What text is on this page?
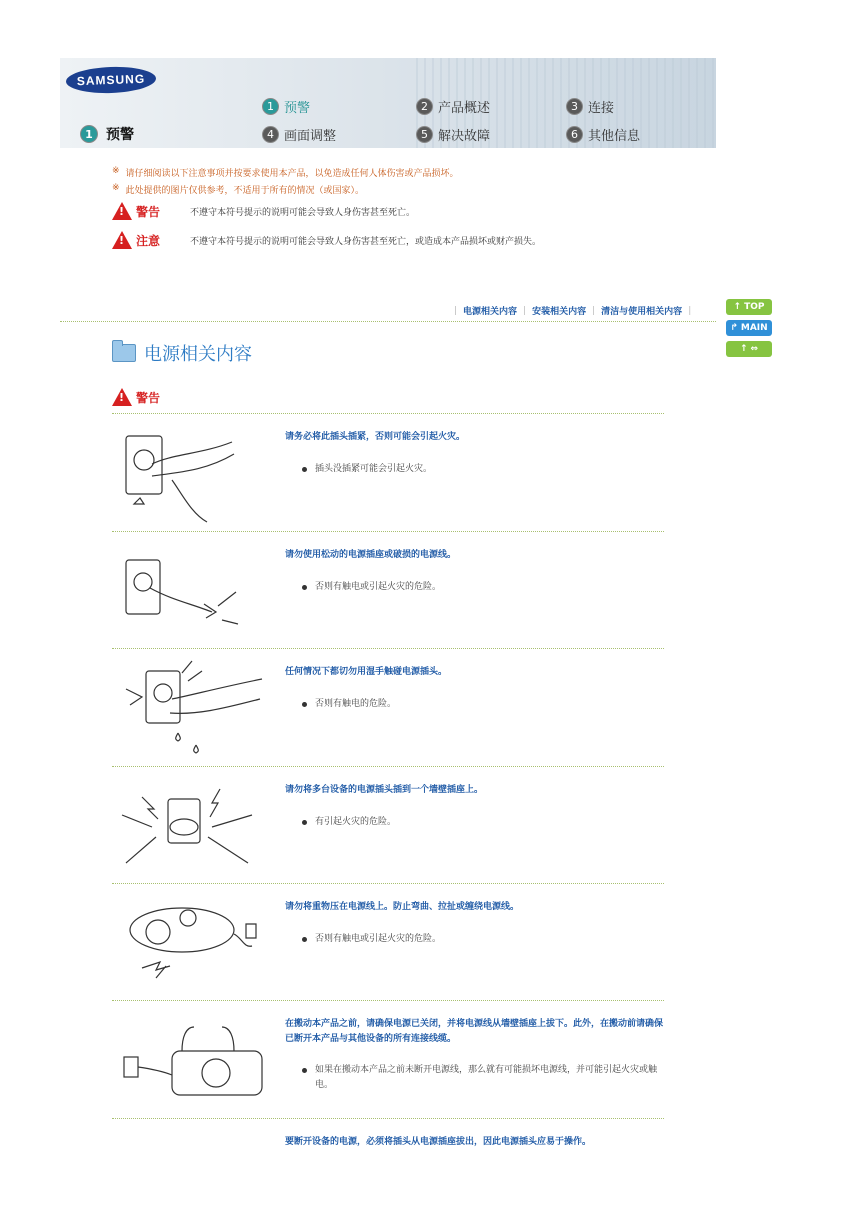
SAMSUNG
1 预警	2 产品概述	3 连接
4 画面调整	5 解决故障	6 其他信息
1 预警
※ 请仔细阅读以下注意事项并按要求使用本产品，以免造成任何人体伤害或产品损坏。
※ 此处提供的图片仅供参考，不适用于所有的情况（或国家）。
!
警告	不遵守本符号提示的说明可能会导致人身伤害甚至死亡。
!
注意	不遵守本符号提示的说明可能会导致人身伤害甚至死亡，或造成本产品损坏或财产损失。
| 电源相关内容 | 安装相关内容 | 清洁与使用相关内容 |	↑ TOP
↱ MAIN
↑ ⇔
电源相关内容
!
警告
请务必将此插头插紧，否则可能会引起火灾。
插头没插紧可能会引起火灾。
请勿使用松动的电源插座或破损的电源线。
否则有触电或引起火灾的危险。
任何情况下都切勿用湿手触碰电源插头。
否则有触电的危险。
请勿将多台设备的电源插头插到一个墙壁插座上。
有引起火灾的危险。
请勿将重物压在电源线上。防止弯曲、拉扯或缠绕电源线。
否则有触电或引起火灾的危险。
在搬动本产品之前，请确保电源已关闭，并将电源线从墙壁插座上拔下。此外，在搬动前请确保已断开本产品与其他设备的所有连接线缆。
如果在搬动本产品之前未断开电源线，那么就有可能损坏电源线，并可能引起火灾或触电。
要断开设备的电源，必须将插头从电源插座拔出，因此电源插头应易于操作。
